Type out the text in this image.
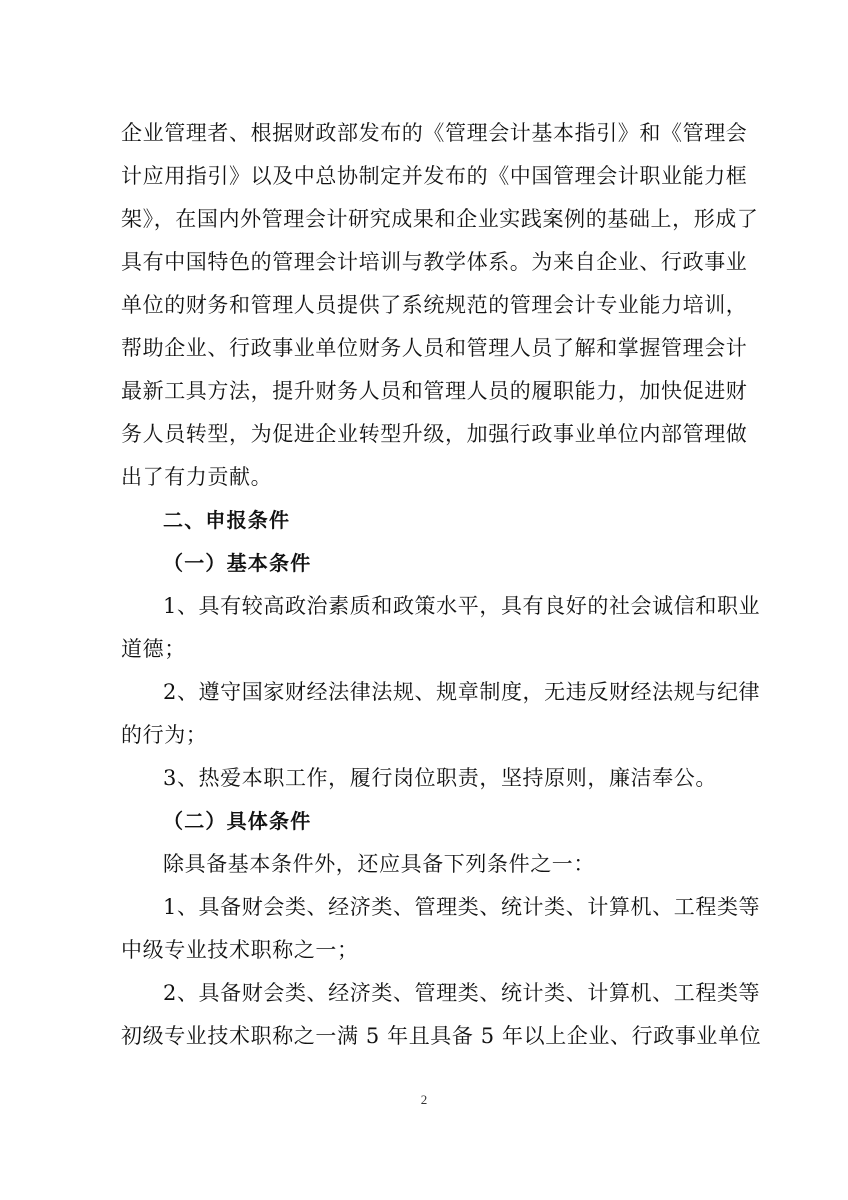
企业管理者、根据财政部发布的《管理会计基本指引》和《管理会
计应用指引》以及中总协制定并发布的《中国管理会计职业能力框
架》，在国内外管理会计研究成果和企业实践案例的基础上，形成了
具有中国特色的管理会计培训与教学体系。为来自企业、行政事业
单位的财务和管理人员提供了系统规范的管理会计专业能力培训，
帮助企业、行政事业单位财务人员和管理人员了解和掌握管理会计
最新工具方法，提升财务人员和管理人员的履职能力，加快促进财
务人员转型，为促进企业转型升级，加强行政事业单位内部管理做
出了有力贡献。
二、申报条件
（一）基本条件
1、具有较高政治素质和政策水平，具有良好的社会诚信和职业
道德；
2、遵守国家财经法律法规、规章制度，无违反财经法规与纪律
的行为；
3、热爱本职工作，履行岗位职责，坚持原则，廉洁奉公。
（二）具体条件
除具备基本条件外，还应具备下列条件之一：
1、具备财会类、经济类、管理类、统计类、计算机、工程类等
中级专业技术职称之一；
2、具备财会类、经济类、管理类、统计类、计算机、工程类等
初级专业技术职称之一满 5 年且具备 5 年以上企业、行政事业单位
2
